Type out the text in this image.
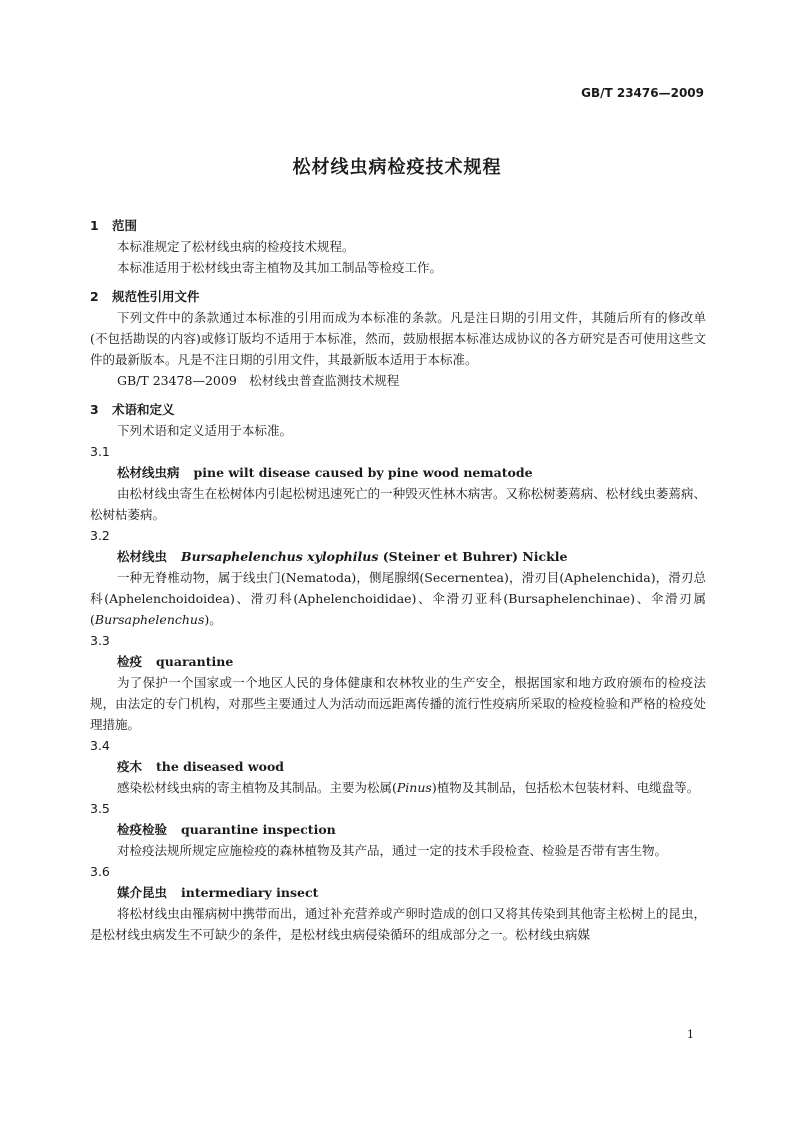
GB/T 23476—2009
松材线虫病检疫技术规程
1 范围
本标准规定了松材线虫病的检疫技术规程。
本标准适用于松材线虫寄主植物及其加工制品等检疫工作。
2 规范性引用文件
下列文件中的条款通过本标准的引用而成为本标准的条款。凡是注日期的引用文件，其随后所有的修改单(不包括勘误的内容)或修订版均不适用于本标准，然而，鼓励根据本标准达成协议的各方研究是否可使用这些文件的最新版本。凡是不注日期的引用文件，其最新版本适用于本标准。
GB/T 23478—2009　松材线虫普查监测技术规程
3 术语和定义
下列术语和定义适用于本标准。
3.1
松材线虫病 pine wilt disease caused by pine wood nematode
由松材线虫寄生在松树体内引起松树迅速死亡的一种毁灭性林木病害。又称松树萎蔫病、松材线虫萎蔫病、松树枯萎病。
3.2
松材线虫 Bursaphelenchus xylophilus (Steiner et Buhrer) Nickle
一种无脊椎动物，属于线虫门(Nematoda)，侧尾腺纲(Secernentea)，滑刃目(Aphelenchida)，滑刃总科(Aphelenchoidoidea)、滑刃科(Aphelenchoididae)、伞滑刃亚科(Bursaphelenchinae)、伞滑刃属(Bursaphelenchus)。
3.3
检疫 quarantine
为了保护一个国家或一个地区人民的身体健康和农林牧业的生产安全，根据国家和地方政府颁布的检疫法规，由法定的专门机构，对那些主要通过人为活动而远距离传播的流行性疫病所采取的检疫检验和严格的检疫处理措施。
3.4
疫木 the diseased wood
感染松材线虫病的寄主植物及其制品。主要为松属(Pinus)植物及其制品，包括松木包装材料、电缆盘等。
3.5
检疫检验 quarantine inspection
对检疫法规所规定应施检疫的森林植物及其产品，通过一定的技术手段检查、检验是否带有害生物。
3.6
媒介昆虫 intermediary insect
将松材线虫由罹病树中携带而出，通过补充营养或产卵时造成的创口又将其传染到其他寄主松树上的昆虫，是松材线虫病发生不可缺少的条件，是松材线虫病侵染循环的组成部分之一。松材线虫病媒
1
